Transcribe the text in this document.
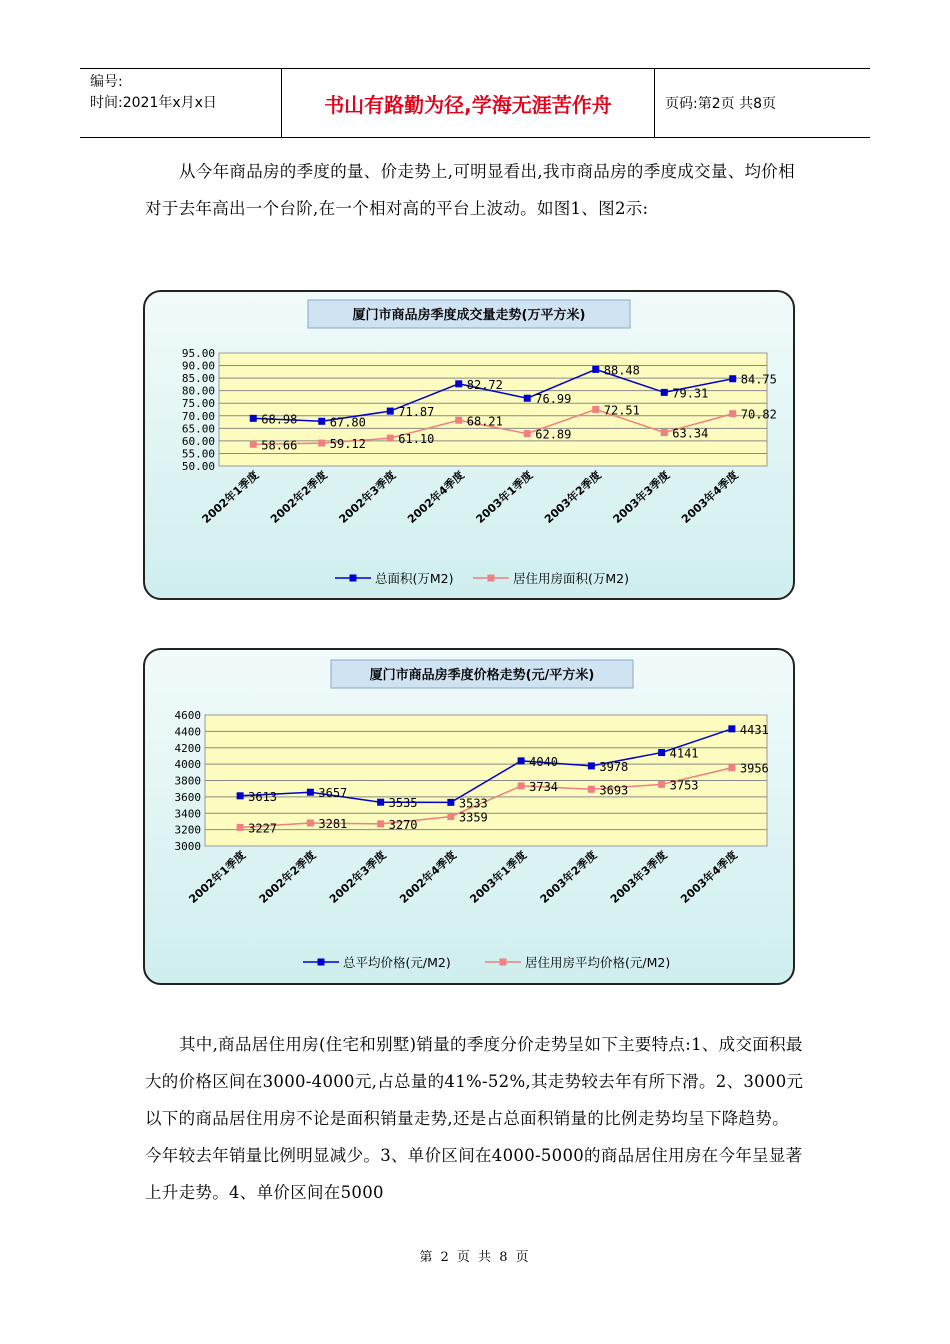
编号:
时间:2021年x月x日	书山有路勤为径,学海无涯苦作舟	页码:第2页 共8页
从今年商品房的季度的量、价走势上,可明显看出,我市商品房的季度成交量、均价相对于去年高出一个台阶,在一个相对高的平台上波动。如图1、图2示:
厦门市商品房季度成交量走势(万平方米)
50.00
55.00
60.00
65.00
70.00
75.00
80.00
85.00
90.00
95.00
2002年1季度 2002年2季度 2002年3季度 2002年4季度 2003年1季度 2003年2季度 2003年3季度 2003年4季度
68.98	67.80
71.87
82.72
76.99
88.48
79.31
84.75
58.66	59.12	61.10
68.21
62.89
72.51
63.34
70.82
总面积(万M2)	居住用房面积(万M2)
厦门市商品房季度价格走势(元/平方米)
3000
3200
3400
3600
3800
4000
4200
4400
4600
2002年1季度 2002年2季度 2002年3季度 2002年4季度 2003年1季度 2003年2季度 2003年3季度 2003年4季度
3613	3657
3535	3533
4040	3978
4141
4431
3227	3281	3270
3359
3734	3693	3753
3956
总平均价格(元/M2)	居住用房平均价格(元/M2)
其中,商品居住用房(住宅和别墅)销量的季度分价走势呈如下主要特点:1、成交面积最大的价格区间在3000-4000元,占总量的41%-52%,其走势较去年有所下滑。2、3000元以下的商品居住用房不论是面积销量走势,还是占总面积销量的比例走势均呈下降趋势。今年较去年销量比例明显减少。3、单价区间在4000-5000的商品居住用房在今年呈显著上升走势。4、单价区间在5000
第 2 页 共 8 页
